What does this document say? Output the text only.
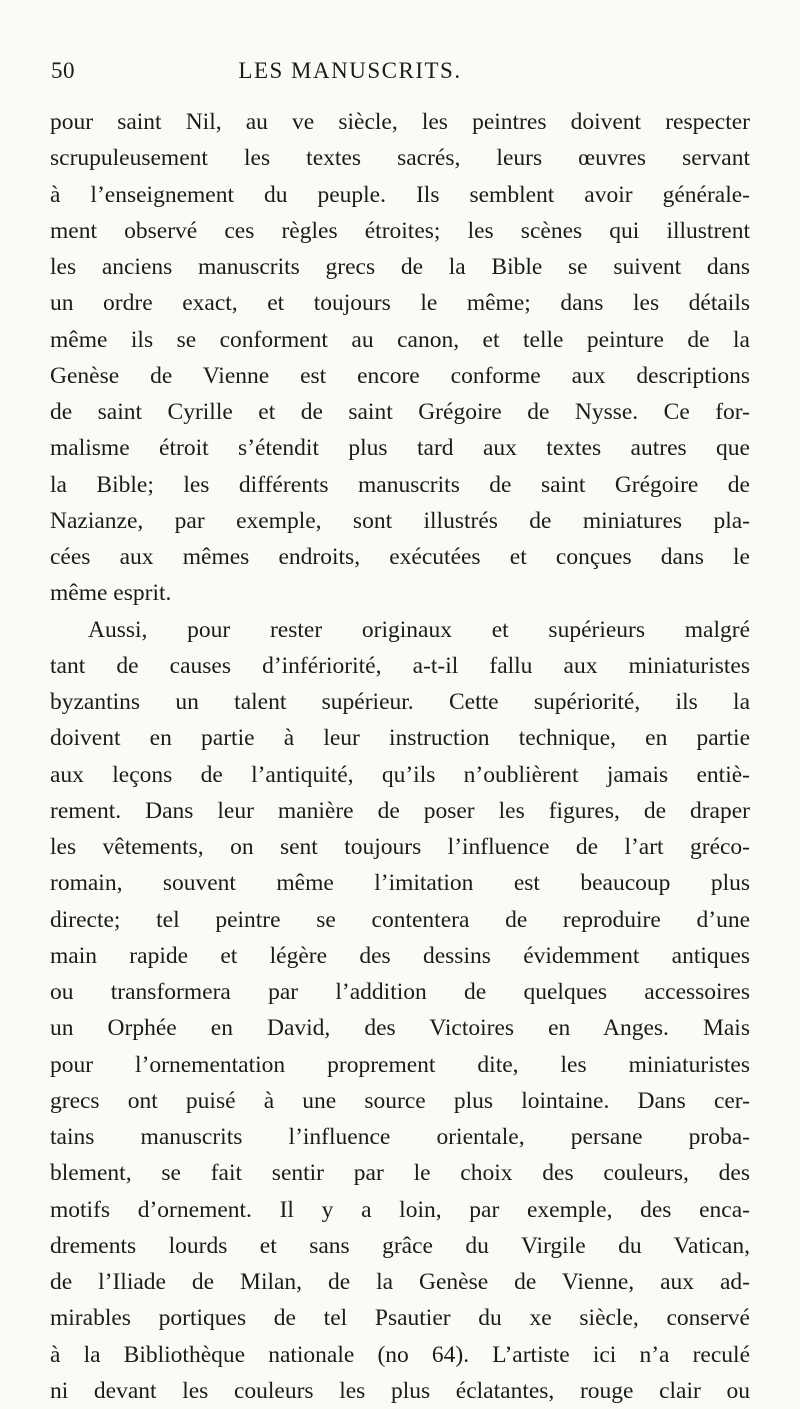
50	LES MANUSCRITS.
pour saint Nil, au ve siècle, les peintres doivent respecter
scrupuleusement les textes sacrés, leurs œuvres servant
à l’enseignement du peuple. Ils semblent avoir générale-
ment observé ces règles étroites; les scènes qui illustrent
les anciens manuscrits grecs de la Bible se suivent dans
un ordre exact, et toujours le même; dans les détails
même ils se conforment au canon, et telle peinture de la
Genèse de Vienne est encore conforme aux descriptions
de saint Cyrille et de saint Grégoire de Nysse. Ce for-
malisme étroit s’étendit plus tard aux textes autres que
la Bible; les différents manuscrits de saint Grégoire de
Nazianze, par exemple, sont illustrés de miniatures pla-
cées aux mêmes endroits, exécutées et conçues dans le
même esprit.
Aussi, pour rester originaux et supérieurs malgré
tant de causes d’infériorité, a-t-il fallu aux miniaturistes
byzantins un talent supérieur. Cette supériorité, ils la
doivent en partie à leur instruction technique, en partie
aux leçons de l’antiquité, qu’ils n’oublièrent jamais entiè-
rement. Dans leur manière de poser les figures, de draper
les vêtements, on sent toujours l’influence de l’art gréco-
romain, souvent même l’imitation est beaucoup plus
directe; tel peintre se contentera de reproduire d’une
main rapide et légère des dessins évidemment antiques
ou transformera par l’addition de quelques accessoires
un Orphée en David, des Victoires en Anges. Mais
pour l’ornementation proprement dite, les miniaturistes
grecs ont puisé à une source plus lointaine. Dans cer-
tains manuscrits l’influence orientale, persane proba-
blement, se fait sentir par le choix des couleurs, des
motifs d’ornement. Il y a loin, par exemple, des enca-
drements lourds et sans grâce du Virgile du Vatican,
de l’Iliade de Milan, de la Genèse de Vienne, aux ad-
mirables portiques de tel Psautier du xe siècle, conservé
à la Bibliothèque nationale (no 64). L’artiste ici n’a reculé
ni devant les couleurs les plus éclatantes, rouge clair ou
